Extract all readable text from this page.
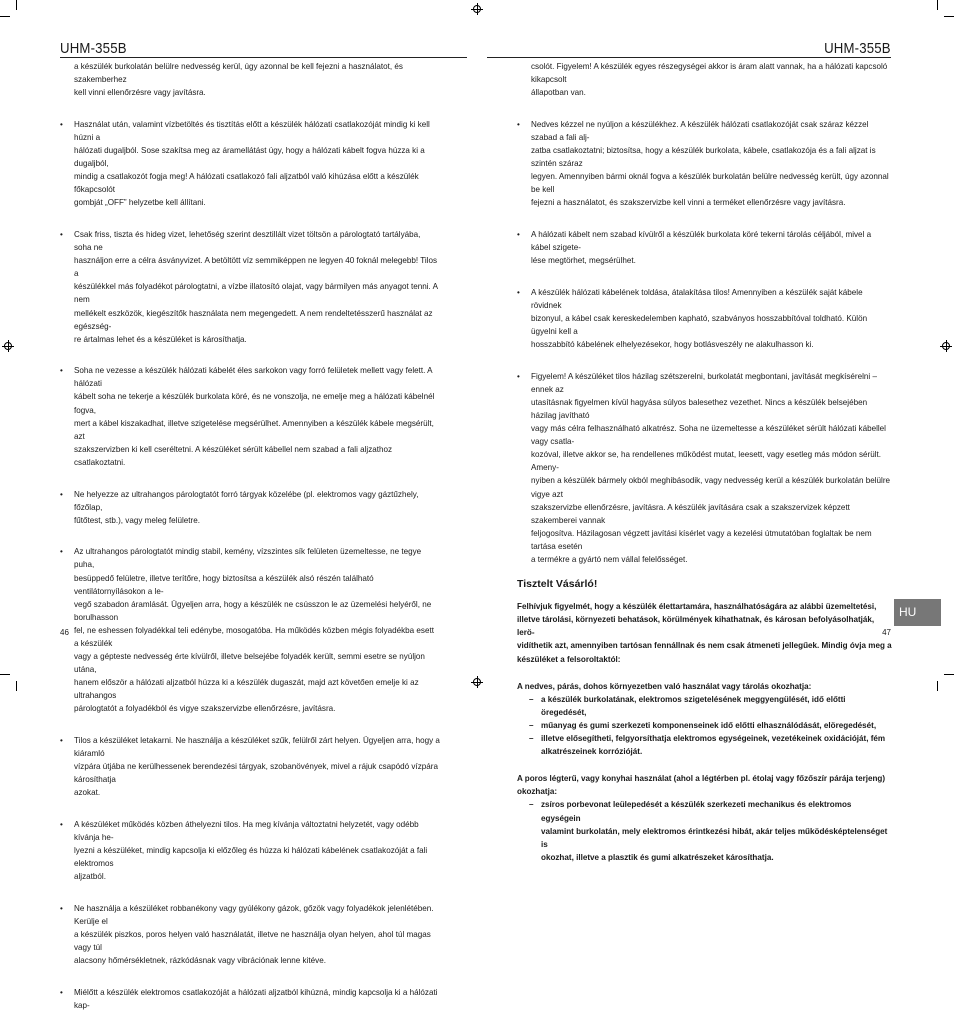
UHM-355B
a készülék burkolatán belülre nedvesség kerül, úgy azonnal be kell fejezni a használatot, és szakemberhez
kell vinni ellenőrzésre vagy javításra.
• Használat után, valamint vízbetöltés és tisztítás előtt a készülék hálózati csatlakozóját mindig ki kell húzni a
hálózati dugaljból. Sose szakítsa meg az áramellátást úgy, hogy a hálózati kábelt fogva húzza ki a dugaljból,
mindig a csatlakozót fogja meg! A hálózati csatlakozó fali aljzatból való kihúzása előtt a készülék főkapcsolót
gombját „OFF” helyzetbe kell állítani.
• Csak friss, tiszta és hideg vizet, lehetőség szerint desztillált vizet töltsön a párologtató tartályába, soha ne
használjon erre a célra ásványvizet. A betöltött víz semmiképpen ne legyen 40 foknál melegebb! Tilos a
készülékkel más folyadékot párologtatni, a vízbe illatosító olajat, vagy bármilyen más anyagot tenni. A nem
mellékelt eszközök, kiegészítők használata nem megengedett. A nem rendeltetésszerű használat az egészség-
re ártalmas lehet és a készüléket is károsíthatja.
• Soha ne vezesse a készülék hálózati kábelét éles sarkokon vagy forró felületek mellett vagy felett. A hálózati
kábelt soha ne tekerje a készülék burkolata köré, és ne vonszolja, ne emelje meg a hálózati kábelnél fogva,
mert a kábel kiszakadhat, illetve szigetelése megsérülhet. Amennyiben a készülék kábele megsérült, azt
szakszervizben ki kell cseréltetni. A készüléket sérült kábellel nem szabad a fali aljzathoz csatlakoztatni.
• Ne helyezze az ultrahangos párologtatót forró tárgyak közelébe (pl. elektromos vagy gáztűzhely, főzőlap,
fűtőtest, stb.), vagy meleg felületre.
• Az ultrahangos párologtatót mindig stabil, kemény, vízszintes sík felületen üzemeltesse, ne tegye puha,
besüppedő felületre, illetve terítőre, hogy biztosítsa a készülék alsó részén található ventilátornyílásokon a le-
vegő szabadon áramlását. Ügyeljen arra, hogy a készülék ne csússzon le az üzemelési helyéről, ne borulhasson
fel, ne eshessen folyadékkal teli edénybe, mosogatóba. Ha működés közben mégis folyadékba esett a készülék
vagy a gépteste nedvesség érte kívülről, illetve belsejébe folyadék került, semmi esetre se nyúljon utána,
hanem először a hálózati aljzatból húzza ki a készülék dugaszát, majd azt követően emelje ki az ultrahangos
párologtatót a folyadékból és vigye szakszervizbe ellenőrzésre, javításra.
• Tilos a készüléket letakarni. Ne használja a készüléket szűk, felülről zárt helyen. Ügyeljen arra, hogy a kiáramló
vízpára útjába ne kerülhessenek berendezési tárgyak, szobanövények, mivel a rájuk csapódó vízpára károsíthatja
azokat.
• A készüléket működés közben áthelyezni tilos. Ha meg kívánja változtatni helyzetét, vagy odébb kívánja he-
lyezni a készüléket, mindig kapcsolja ki előzőleg és húzza ki hálózati kábelének csatlakozóját a fali elektromos
aljzatból.
• Ne használja a készüléket robbanékony vagy gyúlékony gázok, gőzök vagy folyadékok jelenlétében. Kerülje el
a készülék piszkos, poros helyen való használatát, illetve ne használja olyan helyen, ahol túl magas vagy túl
alacsony hőmérsékletnek, rázkódásnak vagy vibrációnak lenne kitéve.
• Miélőtt a készülék elektromos csatlakozóját a hálózati aljzatból kihúzná, mindig kapcsolja ki a hálózati kap-
46
UHM-355B
csolót. Figyelem! A készülék egyes részegységei akkor is áram alatt vannak, ha a hálózati kapcsoló kikapcsolt
állapotban van.
• Nedves kézzel ne nyúljon a készülékhez. A készülék hálózati csatlakozóját csak száraz kézzel szabad a fali alj-
zatba csatlakoztatni; biztosítsa, hogy a készülék burkolata, kábele, csatlakozója és a fali aljzat is szintén száraz
legyen. Amennyiben bármi oknál fogva a készülék burkolatán belülre nedvesség került, úgy azonnal be kell
fejezni a használatot, és szakszervizbe kell vinni a terméket ellenőrzésre vagy javításra.
• A hálózati kábelt nem szabad kívülről a készülék burkolata köré tekerni tárolás céljából, mivel a kábel szigete-
lése megtörhet, megsérülhet.
• A készülék hálózati kábelének toldása, átalakítása tilos! Amennyiben a készülék saját kábele rövidnek
bizonyul, a kábel csak kereskedelemben kapható, szabványos hosszabbítóval toldható. Külön ügyelni kell a
hosszabbító kábelének elhelyezésekor, hogy botlásveszély ne alakulhasson ki.
• Figyelem! A készüléket tilos házilag szétszerelni, burkolatát megbontani, javítását megkísérelni – ennek az
utasításnak figyelmen kívül hagyása súlyos balesethez vezethet. Nincs a készülék belsejében házilag javítható
vagy más célra felhasználható alkatrész. Soha ne üzemeltesse a készüléket sérült hálózati kábellel vagy csatla-
kozóval, illetve akkor se, ha rendellenes működést mutat, leesett, vagy esetleg más módon sérült. Ameny-
nyiben a készülék bármely okból meghibásodik, vagy nedvesség kerül a készülék burkolatán belülre vigye azt
szakszervizbe ellenőrzésre, javításra. A készülék javítására csak a szakszervizek képzett szakemberei vannak
feljogosítva. Házilagosan végzett javítási kísérlet vagy a kezelési útmutatóban foglaltak be nem tartása esetén
a termékre a gyártó nem vállal felelősséget.
Tisztelt Vásárló!
Felhívjuk figyelmét, hogy a készülék élettartamára, használhatóságára az alábbi üzemeltetési,
illetve tárolási, környezeti behatások, körülmények kihathatnak, és károsan befolyásolhatják, lerö-
vidíthetik azt, amennyiben tartósan fennállnak és nem csak átmeneti jellegűek. Mindig óvja meg a
készüléket a felsoroltaktól:
A nedves, párás, dohos környezetben való használat vagy tárolás okozhatja:
– a készülék burkolatának, elektromos szigetelésének meggyengülését, idő előtti öregedését,
– műanyag és gumi szerkezeti komponenseinek idő előtti elhasználódását, elöregedését,
– illetve elősegítheti, felgyorsíthatja elektromos egységeinek, vezetékeinek oxidációját, fém
alkatrészeinek korrózióját.
A poros légterű, vagy konyhai használat (ahol a légtérben pl. étolaj vagy főzőszír párája terjeng)
okozhatja:
– zsíros porbevonat leülepedését a készülék szerkezeti mechanikus és elektromos egységein
valamint burkolatán, mely elektromos érintkezési hibát, akár teljes működésképtelenséget is
okozhat, illetve a plasztik és gumi alkatrészeket károsíthatja.
47
HU
